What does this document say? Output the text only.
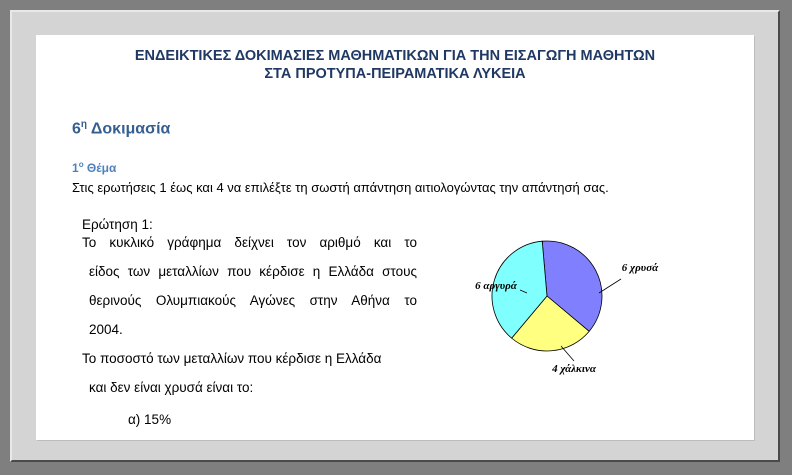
ΕΝΔΕΙΚΤΙΚΕΣ ΔΟΚΙΜΑΣΙΕΣ ΜΑΘΗΜΑΤΙΚΩΝ ΓΙΑ ΤΗΝ ΕΙΣΑΓΩΓΗ ΜΑΘΗΤΩΝ
ΣΤΑ ΠΡΟΤΥΠΑ-ΠΕΙΡΑΜΑΤΙΚΑ ΛΥΚΕΙΑ
$6^\eta$ Δοκιμασία
$1^o$ Θέμα
Στις ερωτήσεις 1 έως και 4 να επιλέξτε τη σωστή απάντηση αιτιολογώντας την απάντησή σας.
Ερώτηση 1:
Το κυκλικό γράφημα δείχνει τον αριθμό και το
είδος των μεταλλίων που κέρδισε η Ελλάδα στους
θερινούς Ολυμπιακούς Αγώνες στην Αθήνα το
2004.
Το ποσοστό των μεταλλίων που κέρδισε η Ελλάδα
και δεν είναι χρυσά είναι το:
α) 15%
6 χρυσά
4 χάλκινα
6 αργυρά
